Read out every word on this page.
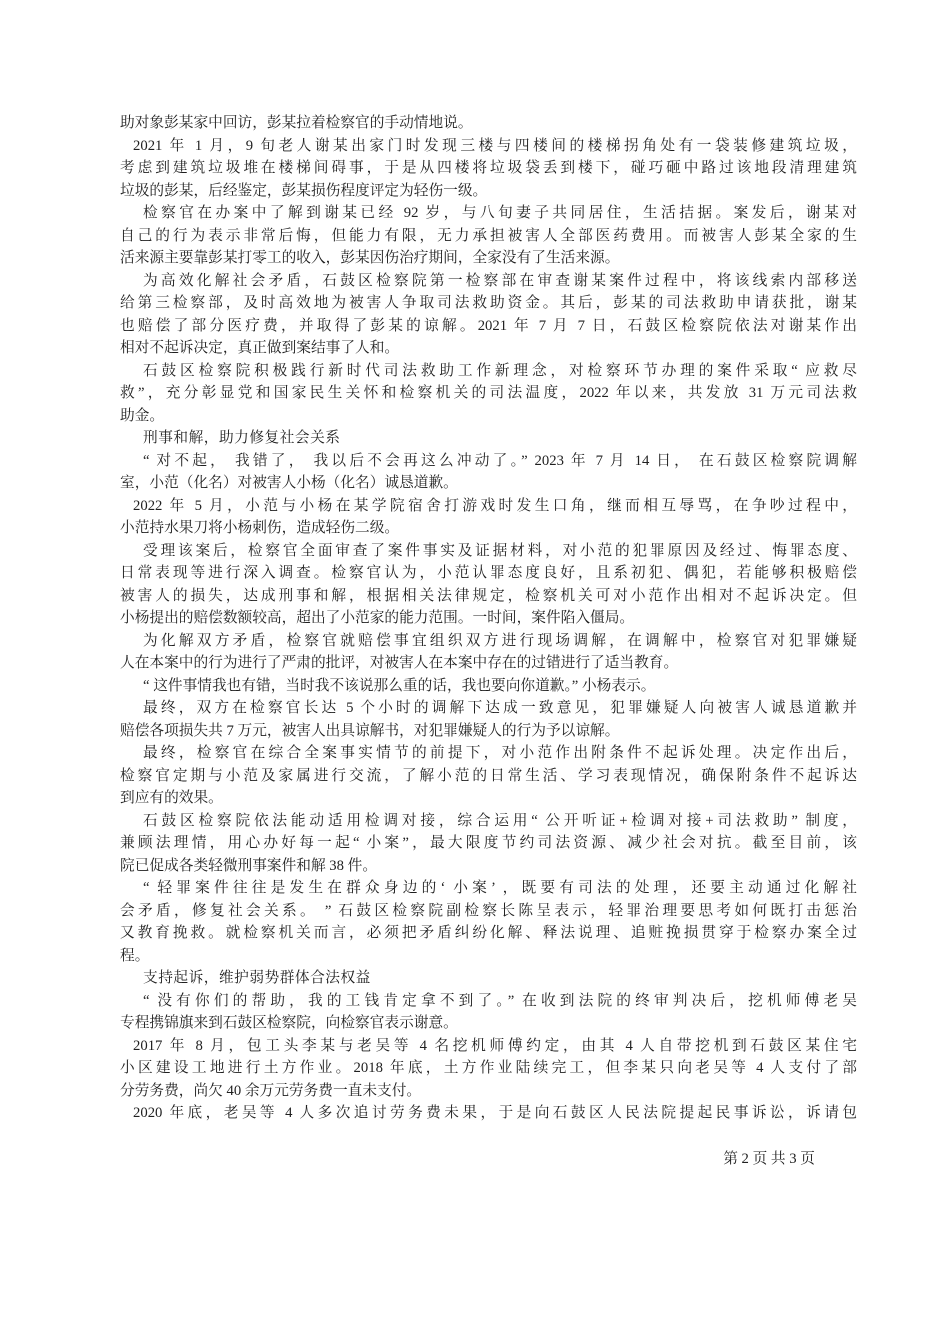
助对象彭某家中回访，彭某拉着检察官的手动情地说。
2021 年 1 月，9 旬老人谢某出家门时发现三楼与四楼间的楼梯拐角处有一袋装修建筑垃圾，
考虑到建筑垃圾堆在楼梯间碍事，于是从四楼将垃圾袋丢到楼下，碰巧砸中路过该地段清理建筑
垃圾的彭某，后经鉴定，彭某损伤程度评定为轻伤一级。
检察官在办案中了解到谢某已经 92 岁，与八旬妻子共同居住，生活拮据。案发后，谢某对
自己的行为表示非常后悔，但能力有限，无力承担被害人全部医药费用。而被害人彭某全家的生
活来源主要靠彭某打零工的收入，彭某因伤治疗期间，全家没有了生活来源。
为高效化解社会矛盾，石鼓区检察院第一检察部在审查谢某案件过程中，将该线索内部移送
给第三检察部，及时高效地为被害人争取司法救助资金。其后，彭某的司法救助申请获批，谢某
也赔偿了部分医疗费，并取得了彭某的谅解。2021 年 7 月 7 日，石鼓区检察院依法对谢某作出
相对不起诉决定，真正做到案结事了人和。
石鼓区检察院积极践行新时代司法救助工作新理念，对检察环节办理的案件采取“ 应救尽
救”，充分彰显党和国家民生关怀和检察机关的司法温度，2022 年以来，共发放 31 万元司法救
助金。
刑事和解，助力修复社会关系
“ 对不起， 我错了， 我以后不会再这么冲动了。” 2023 年 7 月 14 日， 在石鼓区检察院调解
室，小范（化名）对被害人小杨（化名）诚恳道歉。
2022 年 5 月，小范与小杨在某学院宿舍打游戏时发生口角，继而相互辱骂，在争吵过程中，
小范持水果刀将小杨刺伤，造成轻伤二级。
受理该案后，检察官全面审查了案件事实及证据材料，对小范的犯罪原因及经过、悔罪态度、
日常表现等进行深入调查。检察官认为，小范认罪态度良好，且系初犯、偶犯，若能够积极赔偿
被害人的损失，达成刑事和解，根据相关法律规定，检察机关可对小范作出相对不起诉决定。但
小杨提出的赔偿数额较高，超出了小范家的能力范围。一时间，案件陷入僵局。
为化解双方矛盾，检察官就赔偿事宜组织双方进行现场调解，在调解中，检察官对犯罪嫌疑
人在本案中的行为进行了严肃的批评，对被害人在本案中存在的过错进行了适当教育。
“ 这件事情我也有错，当时我不该说那么重的话，我也要向你道歉。” 小杨表示。
最终，双方在检察官长达 5 个小时的调解下达成一致意见，犯罪嫌疑人向被害人诚恳道歉并
赔偿各项损失共 7 万元，被害人出具谅解书，对犯罪嫌疑人的行为予以谅解。
最终，检察官在综合全案事实情节的前提下，对小范作出附条件不起诉处理。决定作出后，
检察官定期与小范及家属进行交流，了解小范的日常生活、学习表现情况，确保附条件不起诉达
到应有的效果。
石鼓区检察院依法能动适用检调对接，综合运用“ 公开听证+检调对接+司法救助” 制度，
兼顾法理情，用心办好每一起“ 小案”，最大限度节约司法资源、减少社会对抗。截至目前，该
院已促成各类轻微刑事案件和解 38 件。
“ 轻罪案件往往是发生在群众身边的‘ 小案’ ，既要有司法的处理，还要主动通过化解社
会矛盾，修复社会关系。 ” 石鼓区检察院副检察长陈呈表示，轻罪治理要思考如何既打击惩治
又教育挽救。就检察机关而言，必须把矛盾纠纷化解、释法说理、追赃挽损贯穿于检察办案全过
程。
支持起诉，维护弱势群体合法权益
“ 没有你们的帮助，我的工钱肯定拿不到了。” 在收到法院的终审判决后，挖机师傅老吴
专程携锦旗来到石鼓区检察院，向检察官表示谢意。
2017 年 8 月，包工头李某与老吴等 4 名挖机师傅约定，由其 4 人自带挖机到石鼓区某住宅
小区建设工地进行土方作业。2018 年底，土方作业陆续完工，但李某只向老吴等 4 人支付了部
分劳务费，尚欠 40 余万元劳务费一直未支付。
2020 年底，老吴等 4 人多次追讨劳务费未果，于是向石鼓区人民法院提起民事诉讼，诉请包
第 2 页 共 3 页
